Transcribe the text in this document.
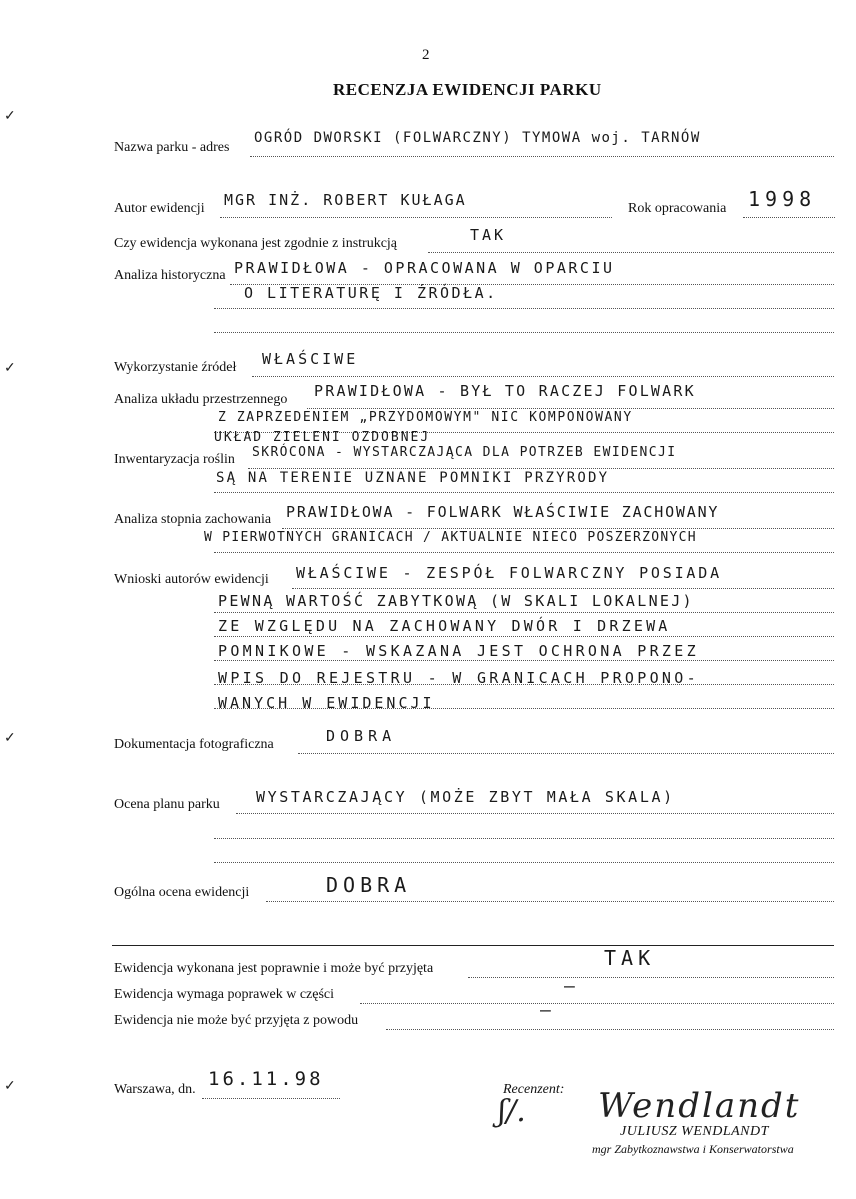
2
RECENZJA EWIDENCJI PARKU
✓
✓
✓
✓
Nazwa parku - adres
OGRÓD DWORSKI (FOLWARCZNY) TYMOWA woj. TARNÓW
Autor ewidencji MGR INŻ. ROBERT KUŁAGA	Rok opracowania 1998
Czy ewidencja wykonana jest zgodnie z instrukcją	TAK
Analiza historyczna PRAWIDŁOWA - OPRACOWANA W OPARCIU
O LITERATURĘ I ŹRÓDŁA.
Wykorzystanie źródeł WŁAŚCIWE
Analiza układu przestrzennego PRAWIDŁOWA - BYŁ TO RACZEJ FOLWARK
Z ZAPRZEDENIEM „PRZYDOMOWYM" NIC KOMPONOWANY
UKŁAD ZIELENI OZDOBNEJ
Inwentaryzacja roślin SKRÓCONA - WYSTARCZAJĄCA DLA POTRZEB EWIDENCJI
SĄ NA TERENIE UZNANE POMNIKI PRZYRODY
Analiza stopnia zachowania PRAWIDŁOWA - FOLWARK WŁAŚCIWIE ZACHOWANY
W PIERWOTNYCH GRANICACH / AKTUALNIE NIECO POSZERZONYCH
Wnioski autorów ewidencji WŁAŚCIWE - ZESPÓŁ FOLWARCZNY POSIADA
PEWNĄ WARTOŚĆ ZABYTKOWĄ (W SKALI LOKALNEJ)
ZE WZGLĘDU NA ZACHOWANY DWÓR I DRZEWA
POMNIKOWE - WSKAZANA JEST OCHRONA PRZEZ
WPIS DO REJESTRU - W GRANICACH PROPONO-
WANYCH W EWIDENCJI
Dokumentacja fotograficzna	DOBRA
Ocena planu parku WYSTARCZAJĄCY (MOŻE ZBYT MAŁA SKALA)
Ogólna ocena ewidencji	DOBRA
Ewidencja wykonana jest poprawnie i może być przyjęta	TAK
Ewidencja wymaga poprawek w części	—
Ewidencja nie może być przyjęta z powodu	—
Warszawa, dn. 16.11.98	Recenzent: Wendlandt
ʃ/.
JULIUSZ WENDLANDT
mgr Zabytkoznawstwa i Konserwatorstwa
